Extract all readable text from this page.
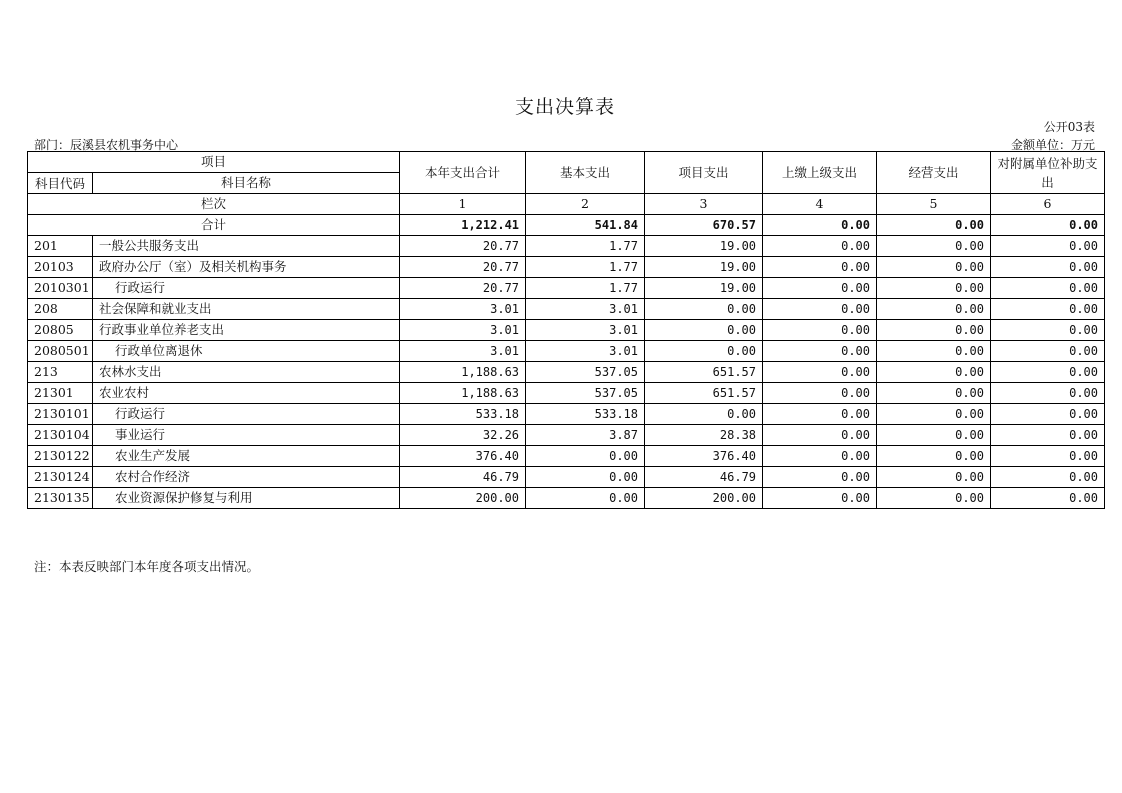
支出决算表
公开03表
部门：辰溪县农机事务中心	金额单位：万元
项目		本年支出合计	基本支出	项目支出	上缴上级支出	经营支出	对附属单位补助支出
科目代码	科目名称						
栏次		1	2	3	4	5	6
合计		1,212.41	541.84	670.57	0.00	0.00	0.00
201	一般公共服务支出	20.77	1.77	19.00	0.00	0.00	0.00
20103	政府办公厅（室）及相关机构事务	20.77	1.77	19.00	0.00	0.00	0.00
2010301	行政运行	20.77	1.77	19.00	0.00	0.00	0.00
208	社会保障和就业支出	3.01	3.01	0.00	0.00	0.00	0.00
20805	行政事业单位养老支出	3.01	3.01	0.00	0.00	0.00	0.00
2080501	行政单位离退休	3.01	3.01	0.00	0.00	0.00	0.00
213	农林水支出	1,188.63	537.05	651.57	0.00	0.00	0.00
21301	农业农村	1,188.63	537.05	651.57	0.00	0.00	0.00
2130101	行政运行	533.18	533.18	0.00	0.00	0.00	0.00
2130104	事业运行	32.26	3.87	28.38	0.00	0.00	0.00
2130122	农业生产发展	376.40	0.00	376.40	0.00	0.00	0.00
2130124	农村合作经济	46.79	0.00	46.79	0.00	0.00	0.00
2130135	农业资源保护修复与利用	200.00	0.00	200.00	0.00	0.00	0.00
注：本表反映部门本年度各项支出情况。
